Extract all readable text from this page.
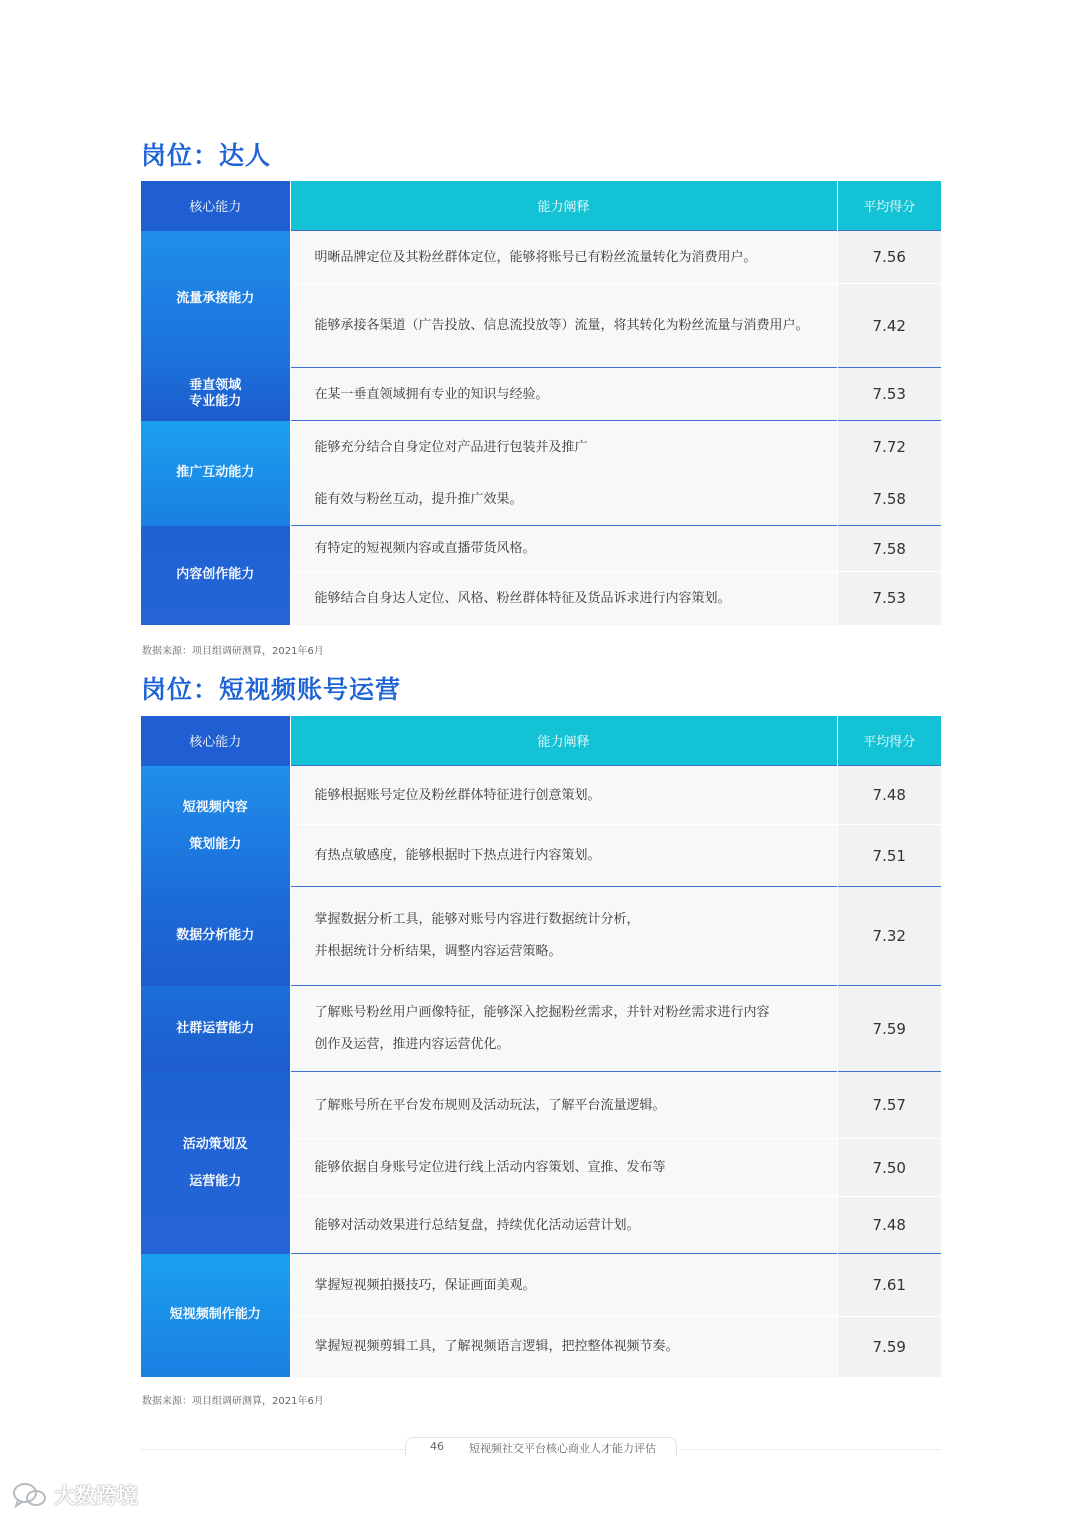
岗位：达人
核心能力	能力阐释	平均得分
流量承接能力	明晰品牌定位及其粉丝群体定位，能够将账号已有粉丝流量转化为消费用户。	7.56
	能够承接各渠道（广告投放、信息流投放等）流量，将其转化为粉丝流量与消费用户。	7.42

垂直领域
专业能力	在某一垂直领域拥有专业的知识与经验。	7.53
推广互动能力	能够充分结合自身定位对产品进行包装并及推广	7.72
	能有效与粉丝互动，提升推广效果。	7.58
内容创作能力	有特定的短视频内容或直播带货风格。	7.58
	能够结合自身达人定位、风格、粉丝群体特征及货品诉求进行内容策划。	7.53
数据来源：项目组调研测算，2021年6月
岗位：短视频账号运营
核心能力	能力阐释	平均得分

短视频内容
策划能力	能够根据账号定位及粉丝群体特征进行创意策划。	7.48
	有热点敏感度，能够根据时下热点进行内容策划。	7.51
数据分析能力	掌握数据分析工具，能够对账号内容进行数据统计分析，
并根据统计分析结果，调整内容运营策略。	7.32
社群运营能力	了解账号粉丝用户画像特征，能够深入挖掘粉丝需求，并针对粉丝需求进行内容
创作及运营，推进内容运营优化。	7.59

活动策划及
运营能力	了解账号所在平台发布规则及活动玩法，了解平台流量逻辑。	7.57
	能够依据自身账号定位进行线上活动内容策划、宣推、发布等	7.50
	能够对活动效果进行总结复盘，持续优化活动运营计划。	7.48
短视频制作能力	掌握短视频拍摄技巧，保证画面美观。	7.61
	掌握短视频剪辑工具，了解视频语言逻辑，把控整体视频节奏。	7.59
数据来源：项目组调研测算，2021年6月
46 短视频社交平台核心商业人才能力评估
大数跨境
